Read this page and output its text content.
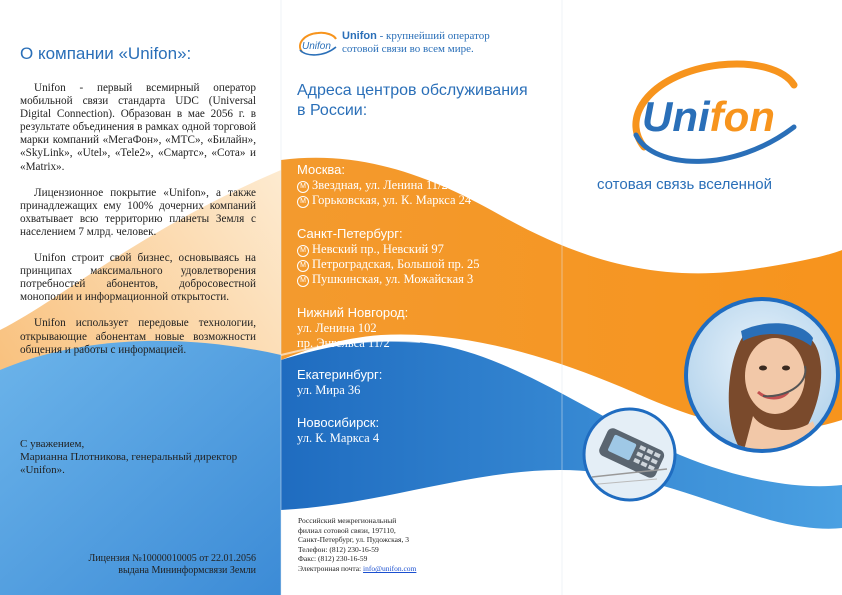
О компании «Unifon»:

Unifon - первый всемирный оператор мобильной связи стандарта UDC (Universal Digital Connection). Образован в мае 2056 г. в результате объединения в рамках одной торговой марки компаний «МегаФон», «МТС», «Билайн», «SkyLink», «Utel», «Tele2», «Смартс», «Сота» и «Matrix».

Лицензионное покрытие «Unifon», а также принадлежащих ему 100% дочерних компаний охватывает всю территорию планеты Земля с населением 7 млрд. человек.

Unifon строит свой бизнес, основываясь на принципах максимального удовлетворения потребностей абонентов, добросовестной монополии и информационной открытости.

Unifon использует передовые технологии, открывающие абонентам новые возможности общения и работы с информацией.

С уважением,
Марианна Плотникова, генеральный директор «Unifon».
Лицензия №10000010005 от 22.01.2056
выдана Мининформсвязи Земли
Unifon
Unifon - крупнейший оператор
сотовой связи во всем мире.
Адреса центров обслуживания
в России:
Москва:
М Звездная, ул. Ленина 11/2
М Горьковская, ул. К. Маркса 24
Санкт-Петербург:
М Невский пр., Невский 97
М Петроградская, Большой пр. 25
М Пушкинская, ул. Можайская 3
Нижний Новгород:
ул. Ленина 102
пр. Энгельса 11/2
Екатеринбург:
ул. Мира 36
Новосибирск:
ул. К. Маркса 4
Российский межрегиональный
филиал сотовой связи, 197110,
Санкт-Петербург, ул. Пудожская, 3
Телефон: (812) 230-16-59
Факс: (812) 230-16-59
Электронная почта: info@unifon.com
Unifon
сотовая связь вселенной
